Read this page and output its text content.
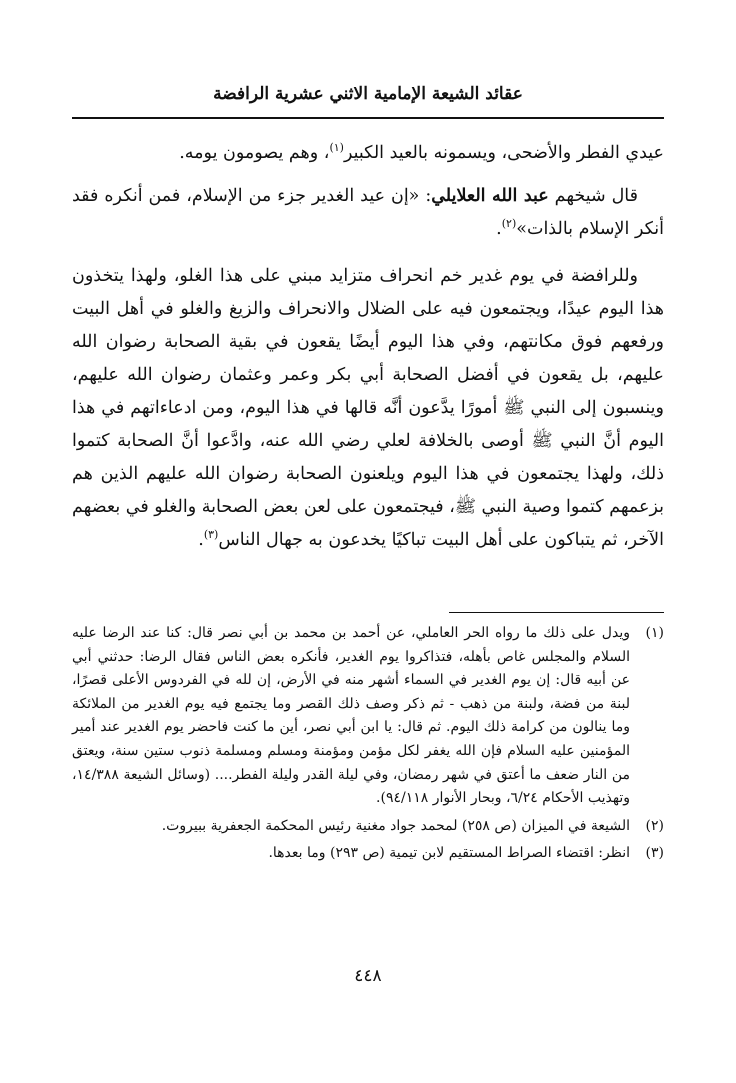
عقائد الشيعة الإمامية الاثني عشرية الرافضة

عيدي الفطر والأضحى، ويسمونه بالعيد الكبير$^{(١)}$، وهم يصومون يومه.

قال شيخهم عبد الله العلايلي: «إن عيد الغدير جزء من الإسلام، فمن أنكره فقد أنكر الإسلام بالذات»$^{(٢)}$.

وللرافضة في يوم غدير خم انحراف متزايد مبني على هذا الغلو، ولهذا يتخذون هذا اليوم عيدًا، ويجتمعون فيه على الضلال والانحراف والزيغ والغلو في أهل البيت ورفعهم فوق مكانتهم، وفي هذا اليوم أيضًا يقعون في بقية الصحابة رضوان الله عليهم، بل يقعون في أفضل الصحابة أبي بكر وعمر وعثمان رضوان الله عليهم، وينسبون إلى النبي ﷺ أمورًا يدَّعون أنَّه قالها في هذا اليوم، ومن ادعاءاتهم في هذا اليوم أنَّ النبي ﷺ أوصى بالخلافة لعلي رضي الله عنه، وادَّعوا أنَّ الصحابة كتموا ذلك، ولهذا يجتمعون في هذا اليوم ويلعنون الصحابة رضوان الله عليهم الذين هم بزعمهم كتموا وصية النبي ﷺ، فيجتمعون على لعن بعض الصحابة والغلو في بعضهم الآخر، ثم يتباكون على أهل البيت تباكيًا يخدعون به جهال الناس$^{(٣)}$.

(١)
ويدل على ذلك ما رواه الحر العاملي، عن أحمد بن محمد بن أبي نصر قال: كنا عند الرضا عليه السلام والمجلس غاص بأهله، فتذاكروا يوم الغدير، فأنكره بعض الناس فقال الرضا: حدثني أبي عن أبيه قال: إن يوم الغدير في السماء أشهر منه في الأرض، إن لله في الفردوس الأعلى قصرًا، لبنة من فضة، ولبنة من ذهب - ثم ذكر وصف ذلك القصر وما يجتمع فيه يوم الغدير من الملائكة وما ينالون من كرامة ذلك اليوم. ثم قال: يا ابن أبي نصر، أين ما كنت فاحضر يوم الغدير عند أمير المؤمنين عليه السلام فإن الله يغفر لكل مؤمن ومؤمنة ومسلم ومسلمة ذنوب ستين سنة، ويعتق من النار ضعف ما أعتق في شهر رمضان، وفي ليلة القدر وليلة الفطر.... (وسائل الشيعة ١٤/٣٨٨، وتهذيب الأحكام ٦/٢٤، وبحار الأنوار ٩٤/١١٨).
(٢)
الشيعة في الميزان (ص ٢٥٨) لمحمد جواد مغنية رئيس المحكمة الجعفرية ببيروت.
(٣)
انظر: اقتضاء الصراط المستقيم لابن تيمية (ص ٢٩٣) وما بعدها.
٤٤٨
